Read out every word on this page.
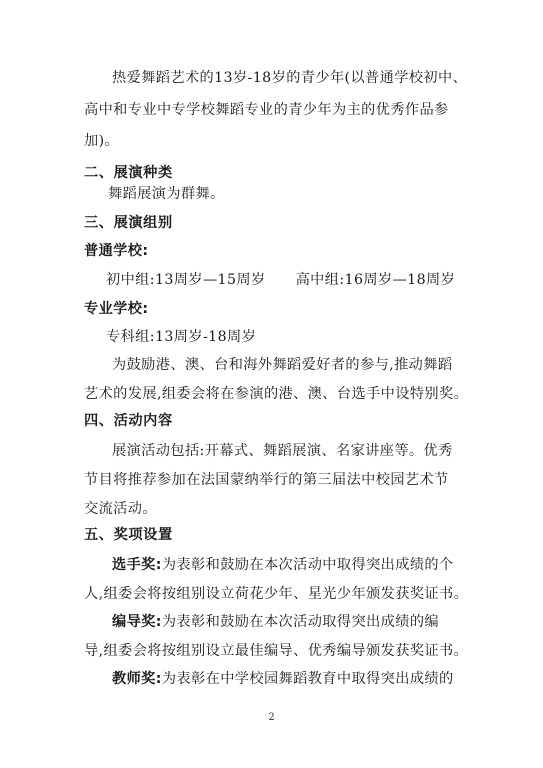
热爱舞蹈艺术的13岁-18岁的青少年(以普通学校初中、
高中和专业中专学校舞蹈专业的青少年为主的优秀作品参
加)。
二、展演种类
舞蹈展演为群舞。
三、展演组别
普通学校:
初中组:13周岁—15周岁 高中组:16周岁—18周岁
专业学校:
专科组:13周岁-18周岁
为鼓励港、澳、台和海外舞蹈爱好者的参与,推动舞蹈
艺术的发展,组委会将在参演的港、澳、台选手中设特别奖。
四、活动内容
展演活动包括:开幕式、舞蹈展演、名家讲座等。优秀
节目将推荐参加在法国蒙纳举行的第三届法中校园艺术节
交流活动。
五、奖项设置
选手奖:为表彰和鼓励在本次活动中取得突出成绩的个
人,组委会将按组别设立荷花少年、星光少年颁发获奖证书。
编导奖:为表彰和鼓励在本次活动取得突出成绩的编
导,组委会将按组别设立最佳编导、优秀编导颁发获奖证书。
教师奖:为表彰在中学校园舞蹈教育中取得突出成绩的
2
